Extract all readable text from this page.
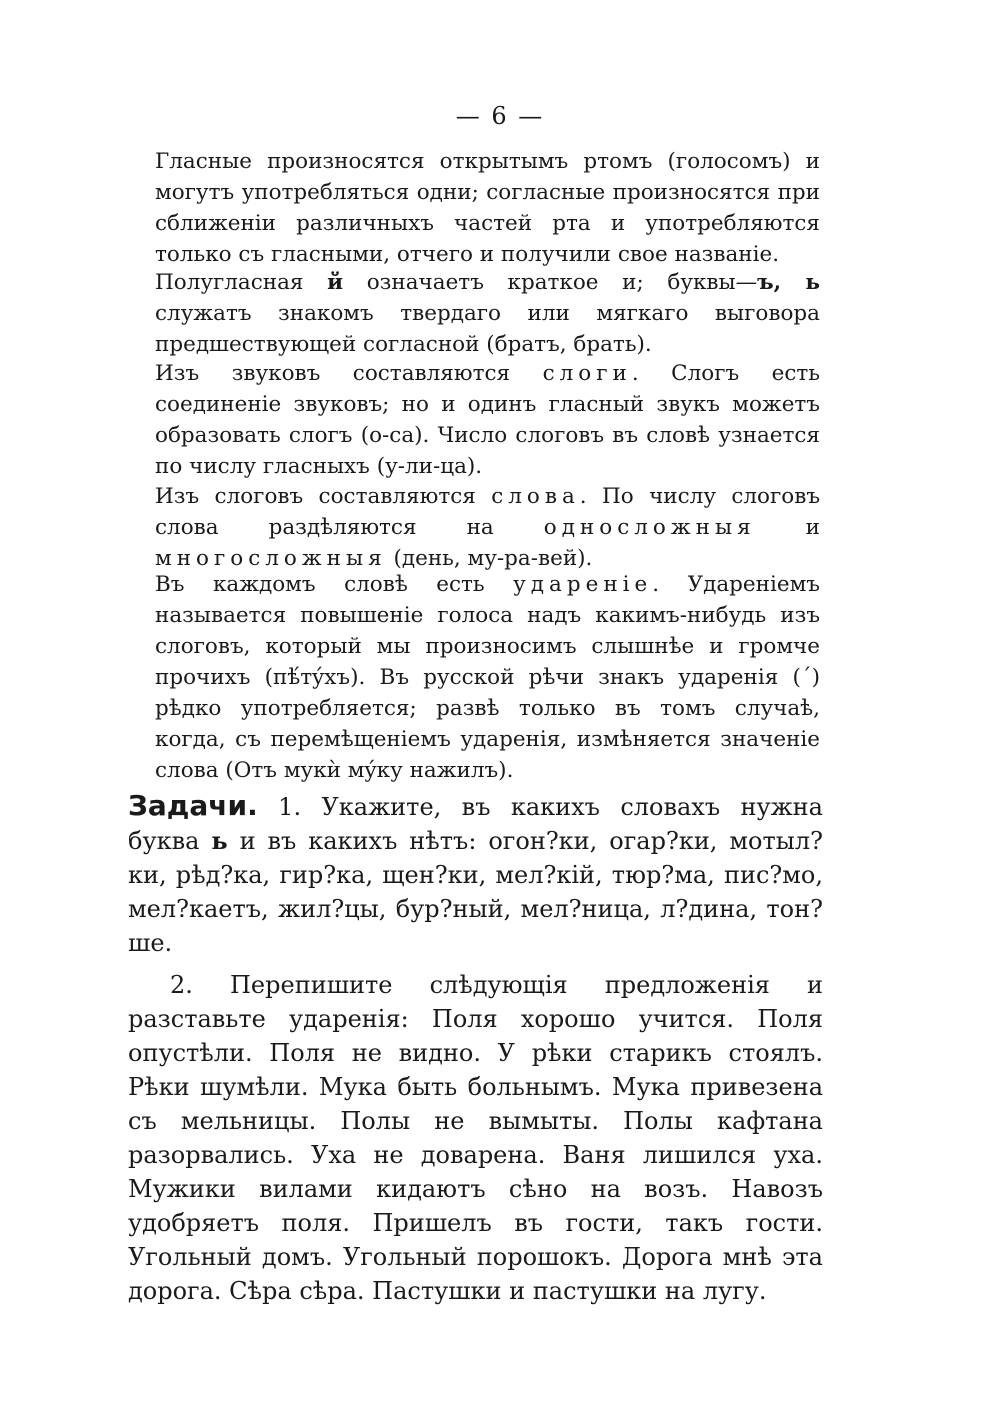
— 6 —

Гласные произносятся открытымъ ртомъ (голосомъ) и могутъ употребляться одни; согласные произносятся при сближенiи различныхъ частей рта и употребляются только съ гласными, отчего и получили свое названiе.

Полугласная й означаетъ краткое и; буквы—ъ, ь служатъ знакомъ твердаго или мягкаго выговора предшествующей согласной (братъ, брать).

Изъ звуковъ составляются слоги. Слогъ есть соединенiе звуковъ; но и одинъ гласный звукъ можетъ образовать слогъ (о-са). Число слоговъ въ словѣ узнается по числу гласныхъ (у-ли-ца).

Изъ слоговъ составляются слова. По числу слоговъ слова раздѣляются на односложныя и многосложныя (день, му-ра-вей).

Въ каждомъ словѣ есть ударенiе. Ударенiемъ называется повышенiе голоса надъ какимъ-нибудь изъ слоговъ, который мы произносимъ слышнѣе и громче прочихъ (пѣ́тýхъ). Въ русской рѣчи знакъ ударенiя (´) рѣдко употребляется; развѣ только въ томъ случаѣ, когда, съ перемѣщенiемъ ударенiя, измѣняется значенiе слова (Отъ мукѝ мýку нажилъ).

Задачи. 1. Укажите, въ какихъ словахъ нужна буква ь и въ какихъ нѣтъ: огон?ки, огар?ки, мотыл?ки, рѣд?ка, гир?ка, щен?ки, мел?кiй, тюр?ма, пис?мо, мел?каетъ, жил?цы, бур?ный, мел?ница, л?дина, тон?ше.

2. Перепишите слѣдующiя предложенiя и разставьте ударенiя: Поля хорошо учится. Поля опустѣли. Поля не видно. У рѣки старикъ стоялъ. Рѣки шумѣли. Мука быть больнымъ. Мука привезена съ мельницы. Полы не вымыты. Полы кафтана разорвались. Уха не доварена. Ваня лишился уха. Мужики вилами кидаютъ сѣно на возъ. Навозъ удобряетъ поля. Пришелъ въ гости, такъ гости. Угольный домъ. Угольный порошокъ. Дорога мнѣ эта дорога. Сѣра сѣра. Пастушки и пастушки на лугу.
